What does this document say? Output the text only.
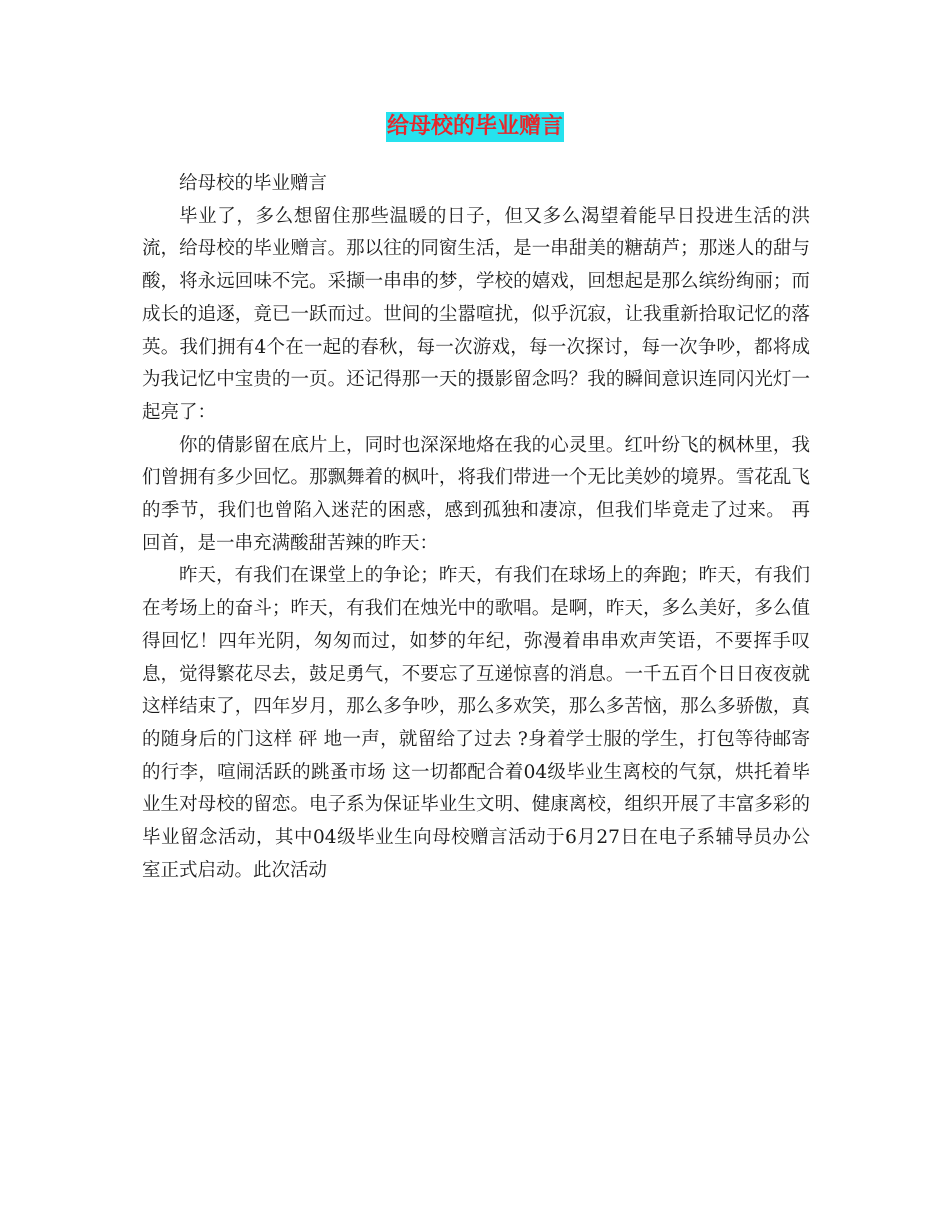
给母校的毕业赠言

给母校的毕业赠言

毕业了，多么想留住那些温暖的日子，但又多么渴望着能早日投进生活的洪流，给母校的毕业赠言。那以往的同窗生活，是一串甜美的糖葫芦；那迷人的甜与酸，将永远回味不完。采撷一串串的梦，学校的嬉戏，回想起是那么缤纷绚丽；而成长的追逐，竟已一跃而过。世间的尘嚣喧扰，似乎沉寂，让我重新拾取记忆的落英。我们拥有4个在一起的春秋，每一次游戏，每一次探讨，每一次争吵，都将成为我记忆中宝贵的一页。还记得那一天的摄影留念吗？我的瞬间意识连同闪光灯一起亮了：

你的倩影留在底片上，同时也深深地烙在我的心灵里。红叶纷飞的枫林里，我们曾拥有多少回忆。那飘舞着的枫叶，将我们带进一个无比美妙的境界。雪花乱飞的季节，我们也曾陷入迷茫的困惑，感到孤独和凄凉，但我们毕竟走了过来。 再回首，是一串充满酸甜苦辣的昨天：

昨天，有我们在课堂上的争论；昨天，有我们在球场上的奔跑；昨天，有我们在考场上的奋斗；昨天，有我们在烛光中的歌唱。是啊，昨天，多么美好，多么值得回忆！四年光阴，匆匆而过，如梦的年纪，弥漫着串串欢声笑语，不要挥手叹息，觉得繁花尽去，鼓足勇气，不要忘了互递惊喜的消息。一千五百个日日夜夜就这样结束了，四年岁月，那么多争吵，那么多欢笑，那么多苦恼，那么多骄傲，真的随身后的门这样 砰 地一声，就留给了过去 ?身着学士服的学生，打包等待邮寄的行李，喧闹活跃的跳蚤市场 这一切都配合着04级毕业生离校的气氛，烘托着毕业生对母校的留恋。电子系为保证毕业生文明、健康离校，组织开展了丰富多彩的毕业留念活动，其中04级毕业生向母校赠言活动于6月27日在电子系辅导员办公室正式启动。此次活动
